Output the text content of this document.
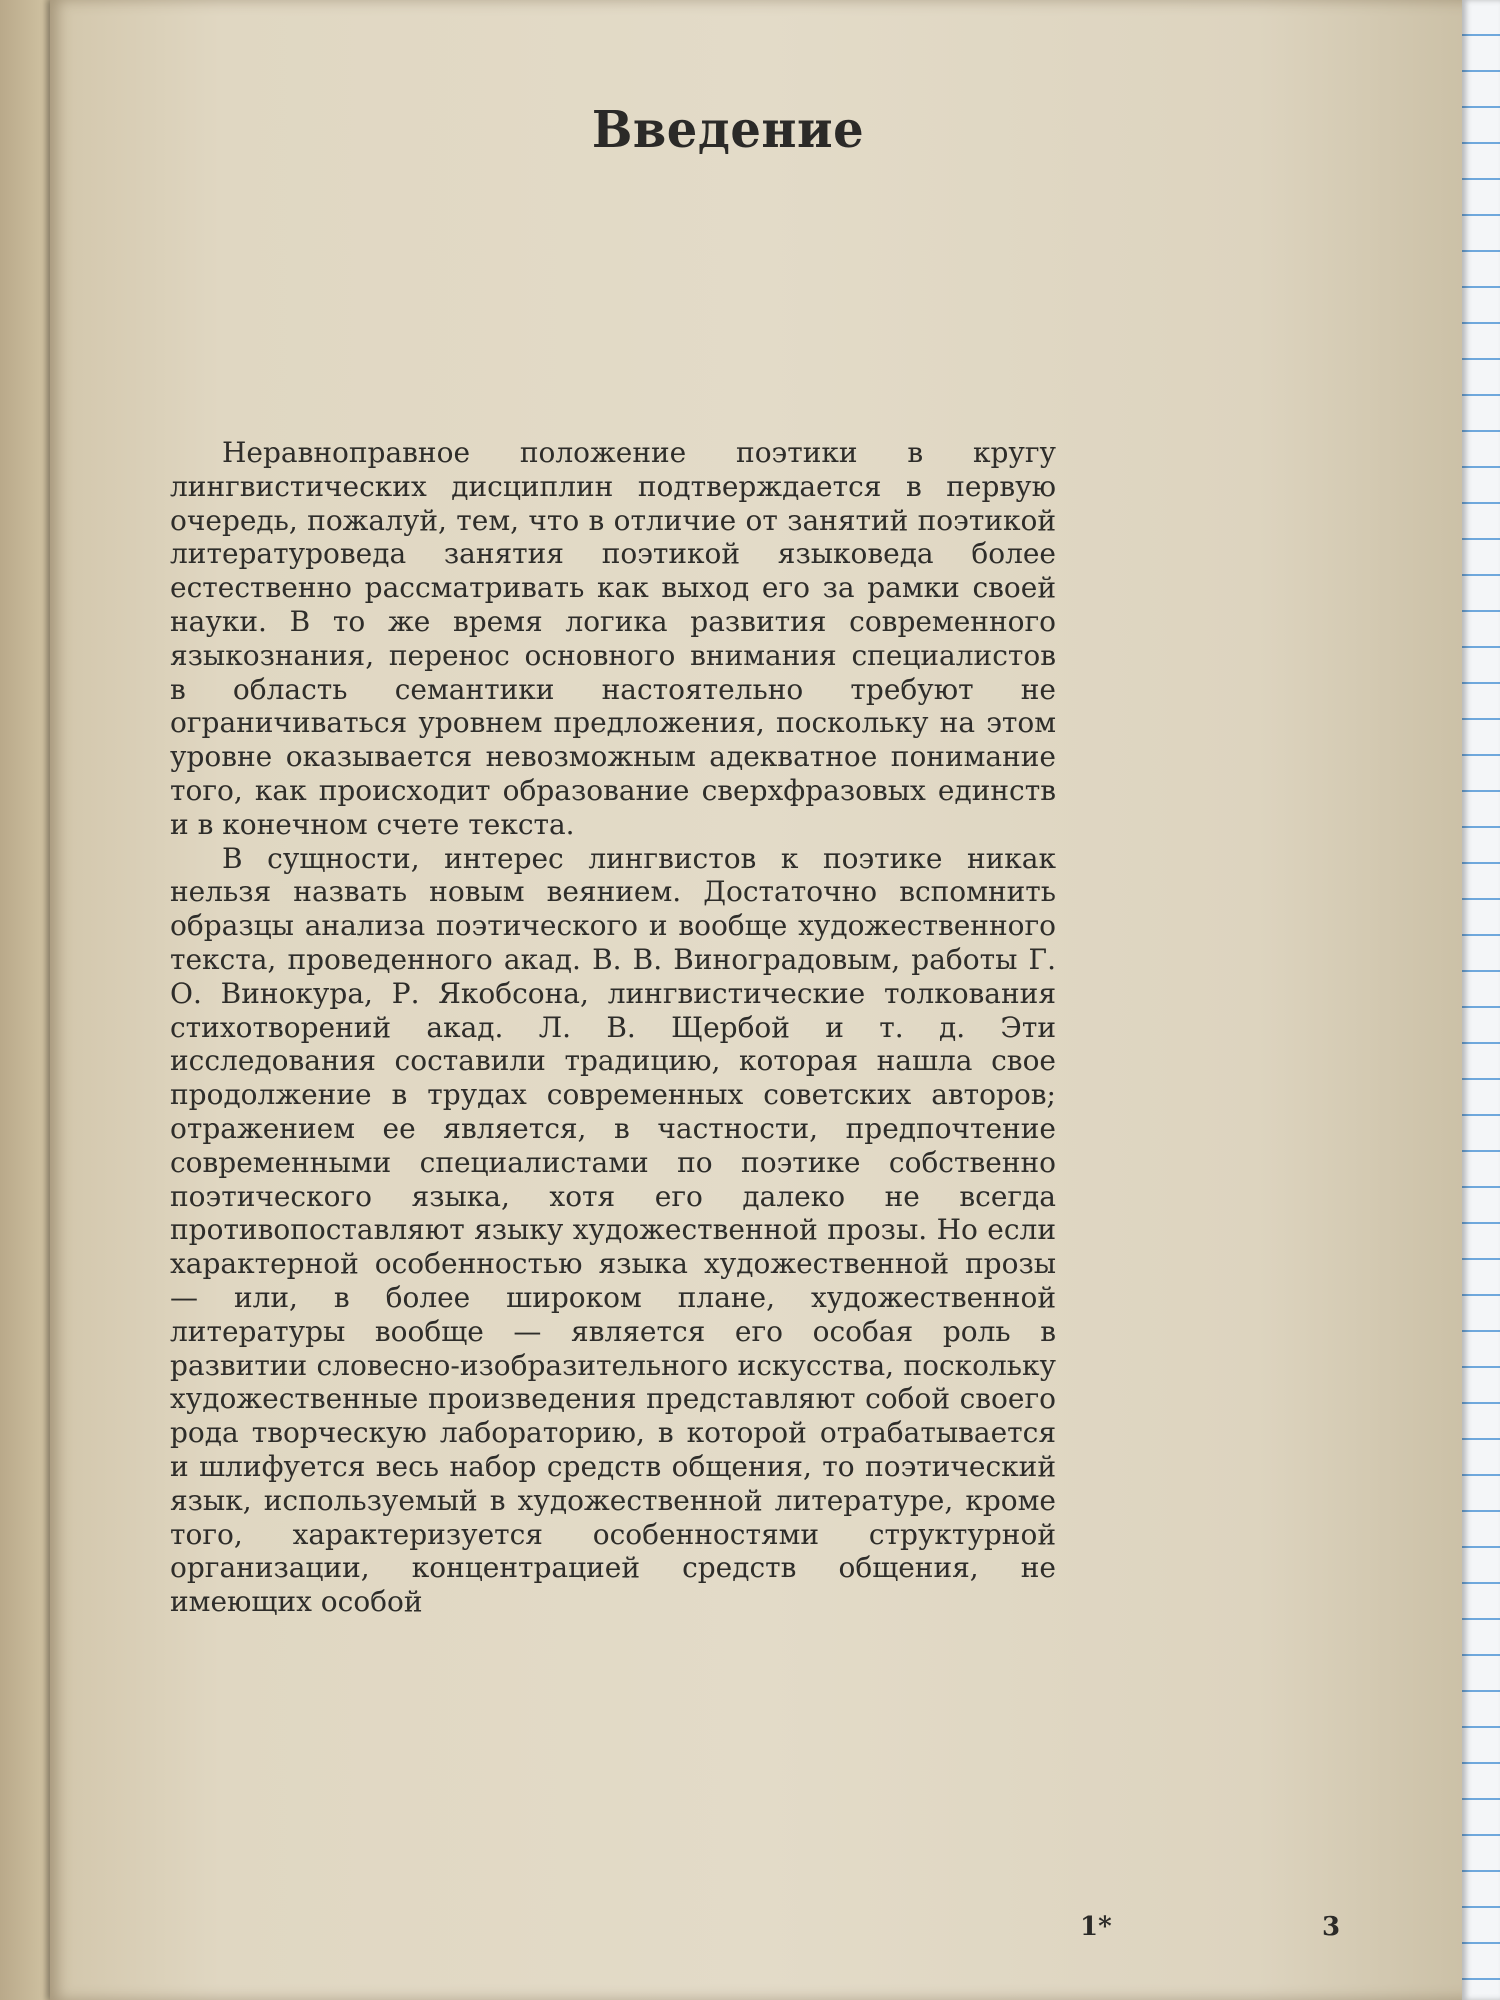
Введение

Неравноправное положение поэтики в кругу лингвистических дисциплин подтверждается в первую очередь, пожалуй, тем, что в отличие от занятий поэтикой литературоведа занятия поэтикой языковеда более естественно рассматривать как выход его за рамки своей науки. В то же время логика развития современного языкознания, перенос основного внимания специалистов в область семантики настоятельно требуют не ограничиваться уровнем предложения, поскольку на этом уровне оказывается невозможным адекватное понимание того, как происходит образование сверхфразовых единств и в конечном счете текста.

В сущности, интерес лингвистов к поэтике никак нельзя назвать новым веянием. Достаточно вспомнить образцы анализа поэтического и вообще художественного текста, проведенного акад. В. В. Виноградовым, работы Г. О. Винокура, Р. Якобсона, лингвистические толкования стихотворений акад. Л. В. Щербой и т. д. Эти исследования составили традицию, которая нашла свое продолжение в трудах современных советских авторов; отражением ее является, в частности, предпочтение современными специалистами по поэтике собственно поэтического языка, хотя его далеко не всегда противопоставляют языку художественной прозы. Но если характерной особенностью языка художественной прозы — или, в более широком плане, художественной литературы вообще — является его особая роль в развитии словесно-изобразительного искусства, поскольку художественные произведения представляют собой своего рода творческую лабораторию, в которой отрабатывается и шлифуется весь набор средств общения, то поэтический язык, используемый в художественной литературе, кроме того, характеризуется особенностями структурной организации, концентрацией средств общения, не имеющих особой

1*	3
